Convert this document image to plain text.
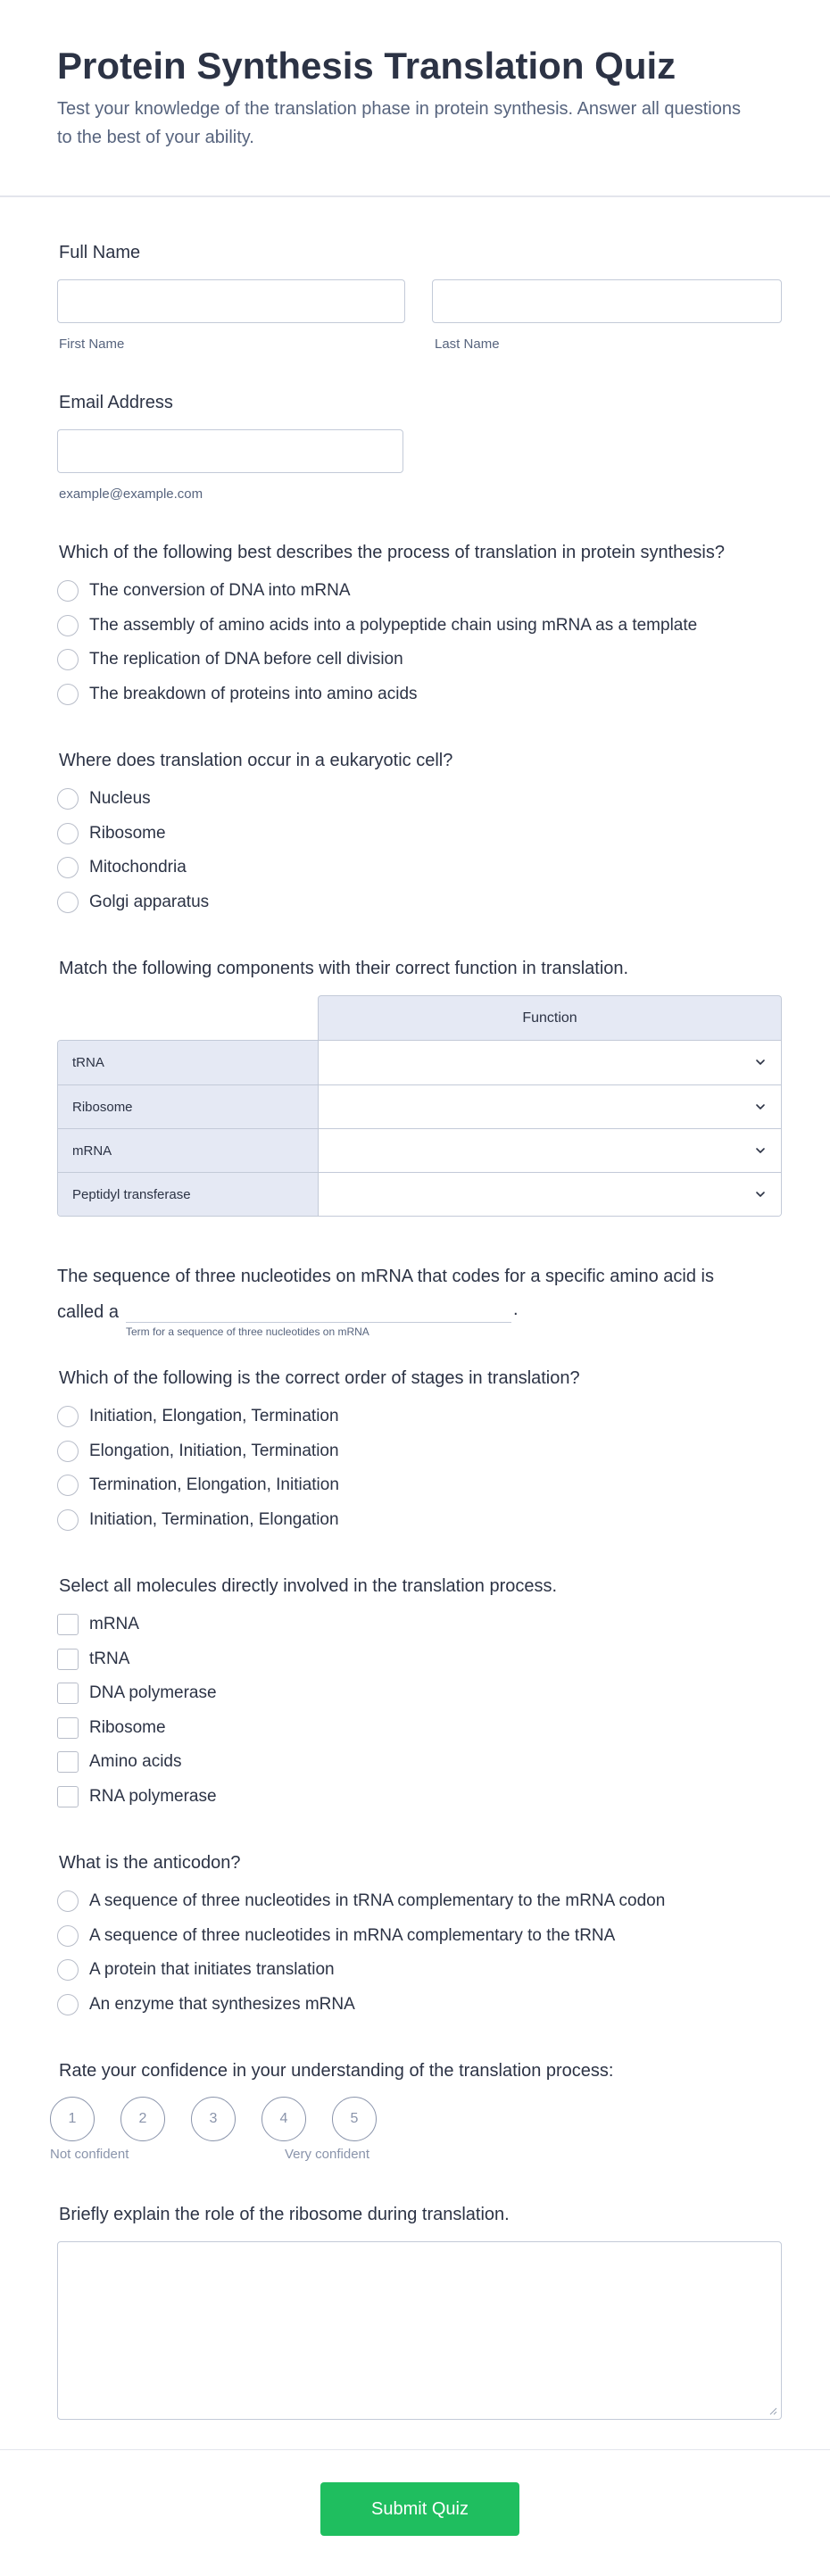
Protein Synthesis Translation Quiz
Test your knowledge of the translation phase in protein synthesis. Answer all questions to the best of your ability.
Full Name
First Name	Last Name
Email Address
example@example.com
Which of the following best describes the process of translation in protein synthesis?
The conversion of DNA into mRNA
The assembly of amino acids into a polypeptide chain using mRNA as a template
The replication of DNA before cell division
The breakdown of proteins into amino acids
Where does translation occur in a eukaryotic cell?
Nucleus
Ribosome
Mitochondria
Golgi apparatus
Match the following components with their correct function in translation.
Function
tRNA
Ribosome
mRNA
Peptidyl transferase
The sequence of three nucleotides on mRNA that codes for a specific amino acid is called a
Term for a sequence of three nucleotides on mRNA
.
Which of the following is the correct order of stages in translation?
Initiation, Elongation, Termination
Elongation, Initiation, Termination
Termination, Elongation, Initiation
Initiation, Termination, Elongation
Select all molecules directly involved in the translation process.
mRNA
tRNA
DNA polymerase
Ribosome
Amino acids
RNA polymerase
What is the anticodon?
A sequence of three nucleotides in tRNA complementary to the mRNA codon
A sequence of three nucleotides in mRNA complementary to the tRNA
A protein that initiates translation
An enzyme that synthesizes mRNA
Rate your confidence in your understanding of the translation process:
1	2	3	4	5
Not confident	Very confident
Briefly explain the role of the ribosome during translation.
Submit Quiz
